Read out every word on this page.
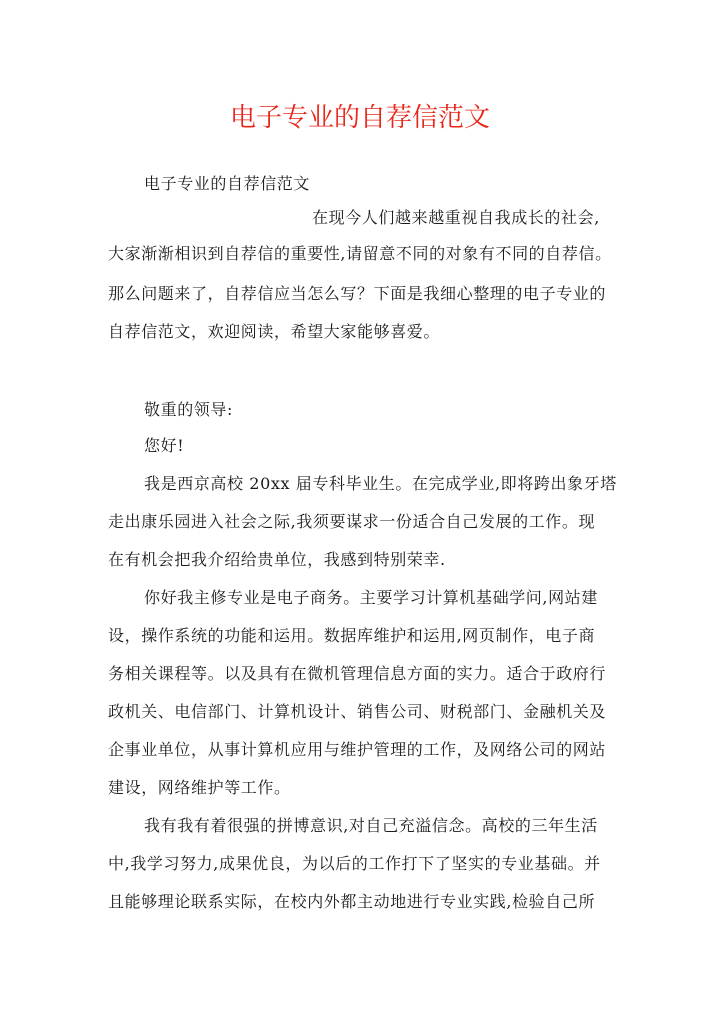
电子专业的自荐信范文
电子专业的自荐信范文
在现今人们越来越重视自我成长的社会,
大家渐渐相识到自荐信的重要性,请留意不同的对象有不同的自荐信。
那么问题来了，自荐信应当怎么写？下面是我细心整理的电子专业的
自荐信范文，欢迎阅读，希望大家能够喜爱。
敬重的领导:
您好!
我是西京高校 20xx 届专科毕业生。在完成学业,即将跨出象牙塔
走出康乐园进入社会之际,我须要谋求一份适合自己发展的工作。现
在有机会把我介绍给贵单位，我感到特别荣幸.
你好我主修专业是电子商务。主要学习计算机基础学问,网站建
设，操作系统的功能和运用。数据库维护和运用,网页制作，电子商
务相关课程等。以及具有在微机管理信息方面的实力。适合于政府行
政机关、电信部门、计算机设计、销售公司、财税部门、金融机关及
企事业单位，从事计算机应用与维护管理的工作，及网络公司的网站
建设，网络维护等工作。
我有我有着很强的拼博意识,对自己充溢信念。高校的三年生活
中,我学习努力,成果优良，为以后的工作打下了坚实的专业基础。并
且能够理论联系实际，在校内外都主动地进行专业实践,检验自己所
